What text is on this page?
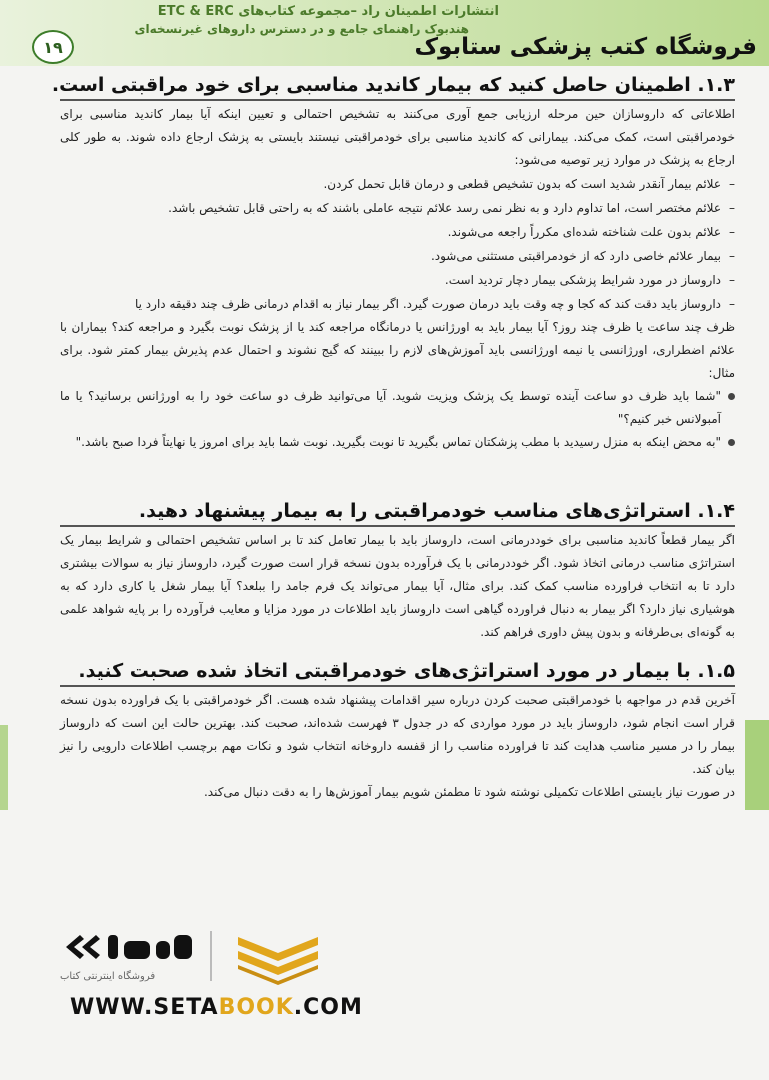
انتشارات اطمینان راد –مجموعه کتاب‌های ETC & ERC
هندبوک راهنمای جامع و در دسترس داروهای غیرنسخه‌ای
۱۹	فروشگاه کتب پزشکی ستابوک
۱.۳. اطمینان حاصل کنید که بیمار کاندید مناسبی برای خود مراقبتی است.

اطلاعاتی که داروسازان حین مرحله ارزیابی جمع آوری می‌کنند به تشخیص احتمالی و تعیین اینکه آیا بیمار کاندید مناسبی برای خودمراقبتی است، کمک می‌کند. بیمارانی که کاندید مناسبی برای خودمراقبتی نیستند بایستی به پزشک ارجاع داده شوند. به طور کلی ارجاع به پزشک در موارد زیر توصیه می‌شود:

– علائم بیمار آنقدر شدید است که بدون تشخیص قطعی و درمان قابل تحمل کردن.
– علائم مختصر است، اما تداوم دارد و به نظر نمی رسد علائم نتیجه عاملی باشند که به راحتی قابل تشخیص باشد.
– علائم بدون علت شناخته شده‌ای مکرراً راجعه می‌شوند.
– بیمار علائم خاصی دارد که از خودمراقبتی مستثنی می‌شود.
– داروساز در مورد شرایط پزشکی بیمار دچار تردید است.
– داروساز باید دقت کند که کجا و چه وقت باید درمان صورت گیرد. اگر بیمار نیاز به اقدام درمانی ظرف چند دقیقه دارد یا

ظرف چند ساعت یا ظرف چند روز؟ آیا بیمار باید به اورژانس یا درمانگاه مراجعه کند یا از پزشک نوبت بگیرد و مراجعه کند؟ بیماران با علائم اضطراری، اورژانسی یا نیمه اورژانسی باید آموزش‌های لازم را ببینند که گیج نشوند و احتمال عدم پذیرش بیمار کمتر شود. برای مثال:

"شما باید ظرف دو ساعت آینده توسط یک پزشک ویزیت شوید. آیا می‌توانید ظرف دو ساعت خود را به اورژانس برسانید؟ یا ما آمبولانس خبر کنیم؟"
"به محض اینکه به منزل رسیدید با مطب پزشکتان تماس بگیرید تا نوبت بگیرید. نوبت شما باید برای امروز یا نهایتاً فردا صبح باشد."
۱.۴. استراتژی‌های مناسب خودمراقبتی را به بیمار پیشنهاد دهید.

اگر بیمار قطعاً کاندید مناسبی برای خوددرمانی است، داروساز باید با بیمار تعامل کند تا بر اساس تشخیص احتمالی و شرایط بیمار یک استراتژی مناسب درمانی اتخاذ شود. اگر خوددرمانی با یک فرآورده بدون نسخه قرار است صورت گیرد، داروساز نیاز به سوالات بیشتری دارد تا به انتخاب فراورده مناسب کمک کند. برای مثال، آیا بیمار می‌تواند یک فرم جامد را ببلعد؟ آیا بیمار شغل یا کاری دارد که به هوشیاری نیاز دارد؟ اگر بیمار به دنبال فراورده گیاهی است داروساز باید اطلاعات در مورد مزایا و معایب فرآورده را بر پایه شواهد علمی به گونه‌ای بی‌طرفانه و بدون پیش داوری فراهم کند.

۱.۵. با بیمار در مورد استراتژی‌های خودمراقبتی اتخاذ شده صحبت کنید.

آخرین قدم در مواجهه با خودمراقبتی صحبت کردن درباره سیر اقدامات پیشنهاد شده هست. اگر خودمراقبتی با یک فراورده بدون نسخه قرار است انجام شود، داروساز باید در مورد مواردی که در جدول ۳ فهرست شده‌اند، صحبت کند. بهترین حالت این است که داروساز بیمار را در مسیر مناسب هدایت کند تا فراورده مناسب را از قفسه داروخانه انتخاب شود و نکات مهم برچسب اطلاعات دارویی را نیز بیان کند.

در صورت نیاز بایستی اطلاعات تکمیلی نوشته شود تا مطمئن شویم بیمار آموزش‌ها را به دقت دنبال می‌کند.

فروشگاه اینترنتی کتاب
WWW.SETABOOK.COM
